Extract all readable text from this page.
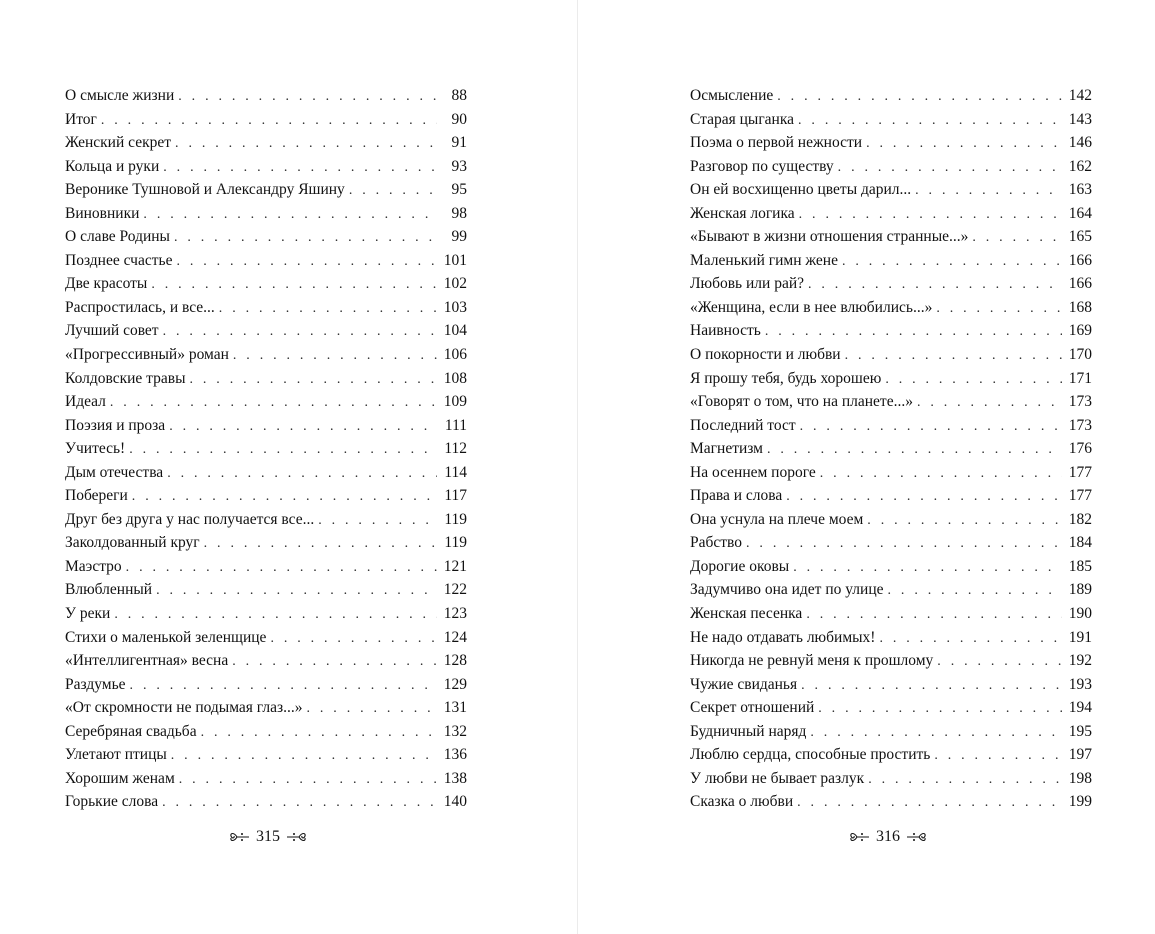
О смысле жизни . . .	88
Итог . . .	90
Женский секрет . . .	91
Кольца и руки . . .	93
Веронике Тушновой и Александру Яшину . . .	95
Виновники . . .	98
О славе Родины . . .	99
Позднее счастье . . .	101
Две красоты . . .	102
Распростилась, и все... . . .	103
Лучший совет . . .	104
«Прогрессивный» роман . . .	106
Колдовские травы . . .	108
Идеал . . .	109
Поэзия и проза . . .	111
Учитесь! . . .	112
Дым отечества . . .	114
Побереги . . .	117
Друг без друга у нас получается все... . . .	119
Заколдованный круг . . .	119
Маэстро . . .	121
Влюбленный . . .	122
У реки . . .	123
Стихи о маленькой зеленщице . . .	124
«Интеллигентная» весна . . .	128
Раздумье . . .	129
«От скромности не подымая глаз...» . . .	131
Серебряная свадьба . . .	132
Улетают птицы . . .	136
Хорошим женам . . .	138
Горькие слова . . .	140
315
Осмысление . . .	142
Старая цыганка . . .	143
Поэма о первой нежности . . .	146
Разговор по существу . . .	162
Он ей восхищенно цветы дарил... . . .	163
Женская логика . . .	164
«Бывают в жизни отношения странные...» . . .	165
Маленький гимн жене . . .	166
Любовь или рай? . . .	166
«Женщина, если в нее влюбились...» . . .	168
Наивность . . .	169
О покорности и любви . . .	170
Я прошу тебя, будь хорошею . . .	171
«Говорят о том, что на планете...» . . .	173
Последний тост . . .	173
Магнетизм . . .	176
На осеннем пороге . . .	177
Права и слова . . .	177
Она уснула на плече моем . . .	182
Рабство . . .	184
Дорогие оковы . . .	185
Задумчиво она идет по улице . . .	189
Женская песенка . . .	190
Не надо отдавать любимых! . . .	191
Никогда не ревнуй меня к прошлому . . .	192
Чужие свиданья . . .	193
Секрет отношений . . .	194
Будничный наряд . . .	195
Люблю сердца, способные простить . . .	197
У любви не бывает разлук . . .	198
Сказка о любви . . .	199
316
